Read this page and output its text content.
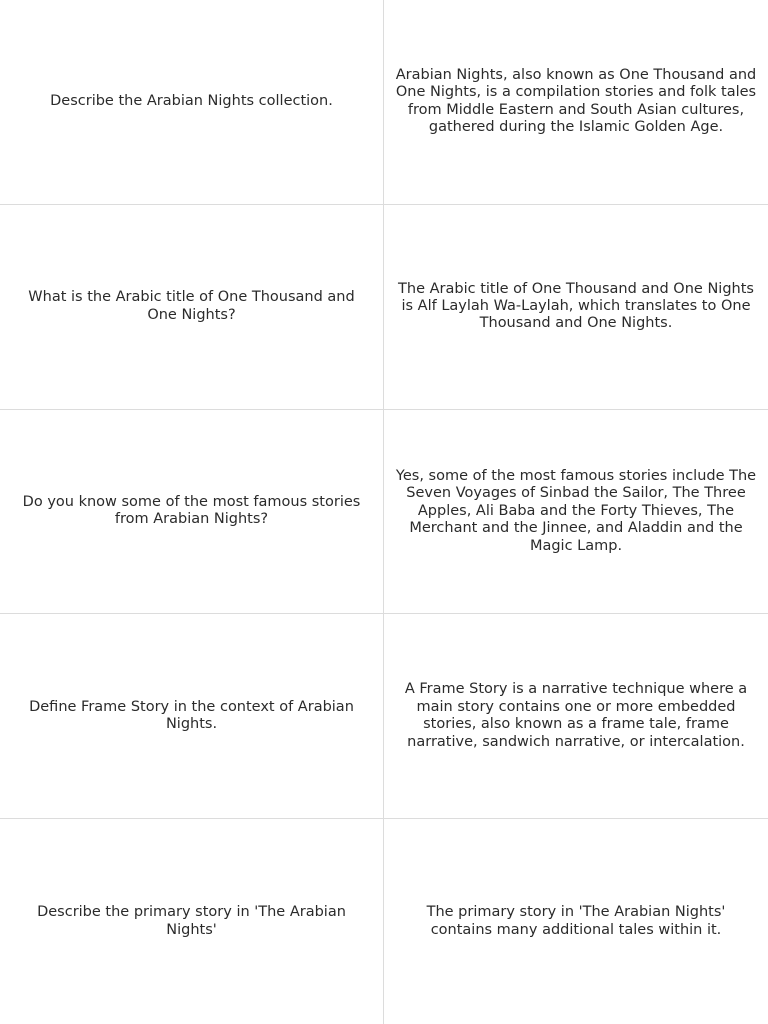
Describe the Arabian Nights collection.
Arabian Nights, also known as One Thousand and One Nights, is a compilation stories and folk tales from Middle Eastern and South Asian cultures, gathered during the Islamic Golden Age.
What is the Arabic title of One Thousand and One Nights?
The Arabic title of One Thousand and One Nights is Alf Laylah Wa-Laylah, which translates to One Thousand and One Nights.
Do you know some of the most famous stories from Arabian Nights?
Yes, some of the most famous stories include The Seven Voyages of Sinbad the Sailor, The Three Apples, Ali Baba and the Forty Thieves, The Merchant and the Jinnee, and Aladdin and the Magic Lamp.
Define Frame Story in the context of Arabian Nights.
A Frame Story is a narrative technique where a main story contains one or more embedded stories, also known as a frame tale, frame narrative, sandwich narrative, or intercalation.
Describe the primary story in 'The Arabian Nights'
The primary story in 'The Arabian Nights' contains many additional tales within it.
